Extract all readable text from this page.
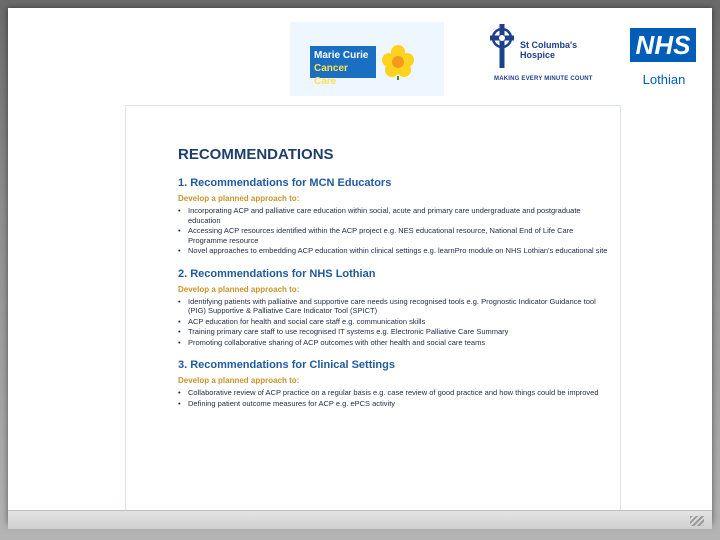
Marie Curie
Cancer Care
St Columba's
Hospice
MAKING EVERY MINUTE COUNT
NHS
Lothian
RECOMMENDATIONS
1. Recommendations for MCN Educators
Develop a planned approach to:
• Incorporating ACP and palliative care education within social, acute and primary care undergraduate and postgraduate education
• Accessing ACP resources identified within the ACP project e.g. NES educational resource, National End of Life Care Programme resource
• Novel approaches to embedding ACP education within clinical settings e.g. learnPro module on NHS Lothian's educational site
2. Recommendations for NHS Lothian
Develop a planned approach to:
• Identifying patients with palliative and supportive care needs using recognised tools e.g. Prognostic Indicator Guidance tool (PIG) Supportive & Palliative Care Indicator Tool (SPICT)
• ACP education for health and social care staff e.g. communication skills
• Training primary care staff to use recognised IT systems e.g. Electronic Palliative Care Summary
• Promoting collaborative sharing of ACP outcomes with other health and social care teams
3. Recommendations for Clinical Settings
Develop a planned approach to:
• Collaborative review of ACP practice on a regular basis e.g. case review of good practice and how things could be improved
• Defining patient outcome measures for ACP e.g. ePCS activity
